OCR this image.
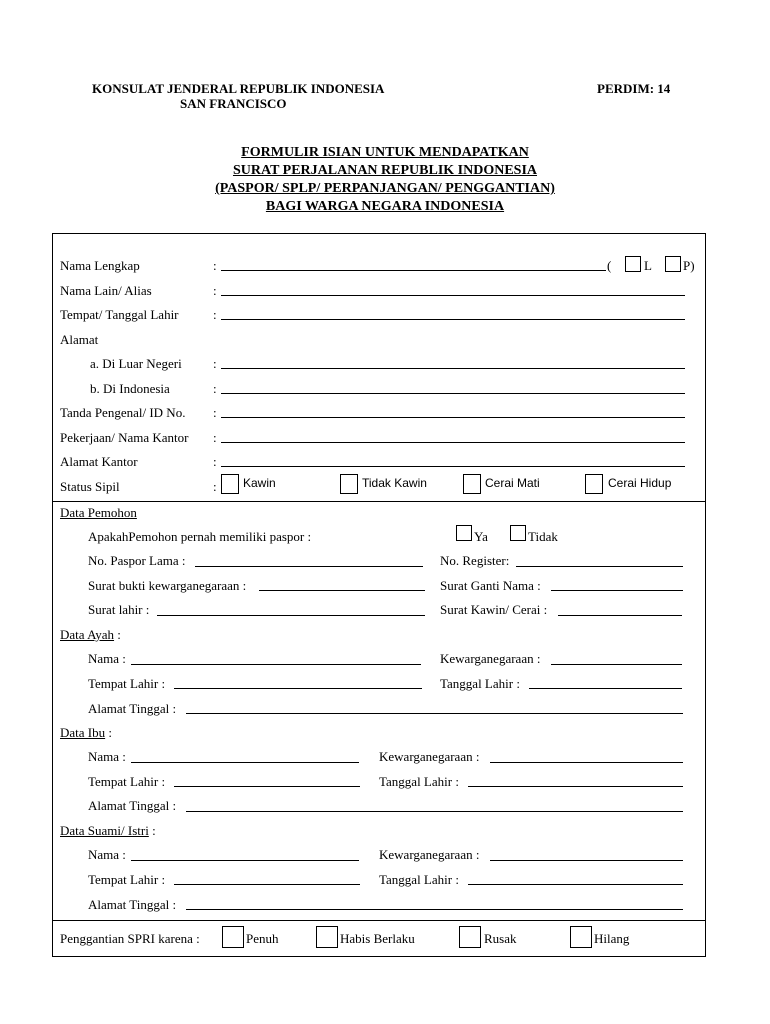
KONSULAT JENDERAL REPUBLIK INDONESIA
SAN FRANCISCO
PERDIM: 14
FORMULIR ISIAN UNTUK MENDAPATKAN
SURAT PERJALANAN REPUBLIK INDONESIA
(PASPOR/ SPLP/ PERPANJANGAN/ PENGGANTIAN)
BAGI WARGA NEGARA INDONESIA
Nama Lengkap	:	(	L P)
Nama Lain/ Alias	:
Tempat/ Tanggal Lahir	:
Alamat
a. Di Luar Negeri :
b. Di Indonesia	:
Tanda Pengenal/ ID No. :
Pekerjaan/ Nama Kantor :
Alamat Kantor	:
Status Sipil	: Kawin	Tidak Kawin	Cerai Mati	Cerai Hidup
Data Pemohon
ApakahPemohon pernah memiliki paspor :	Ya	Tidak
No. Paspor Lama :	No. Register:
Surat bukti kewarganegaraan :	Surat Ganti Nama :
Surat lahir :	Surat Kawin/ Cerai :
Data Ayah :
Nama :	Kewarganegaraan :
Tempat Lahir :	Tanggal Lahir :
Alamat Tinggal :
Data Ibu :
Nama :	Kewarganegaraan :
Tempat Lahir :	Tanggal Lahir :
Alamat Tinggal :
Data Suami/ Istri :
Nama :	Kewarganegaraan :
Tempat Lahir :	Tanggal Lahir :
Alamat Tinggal :
Penggantian SPRI karena :	Penuh	Habis Berlaku	Rusak	Hilang
